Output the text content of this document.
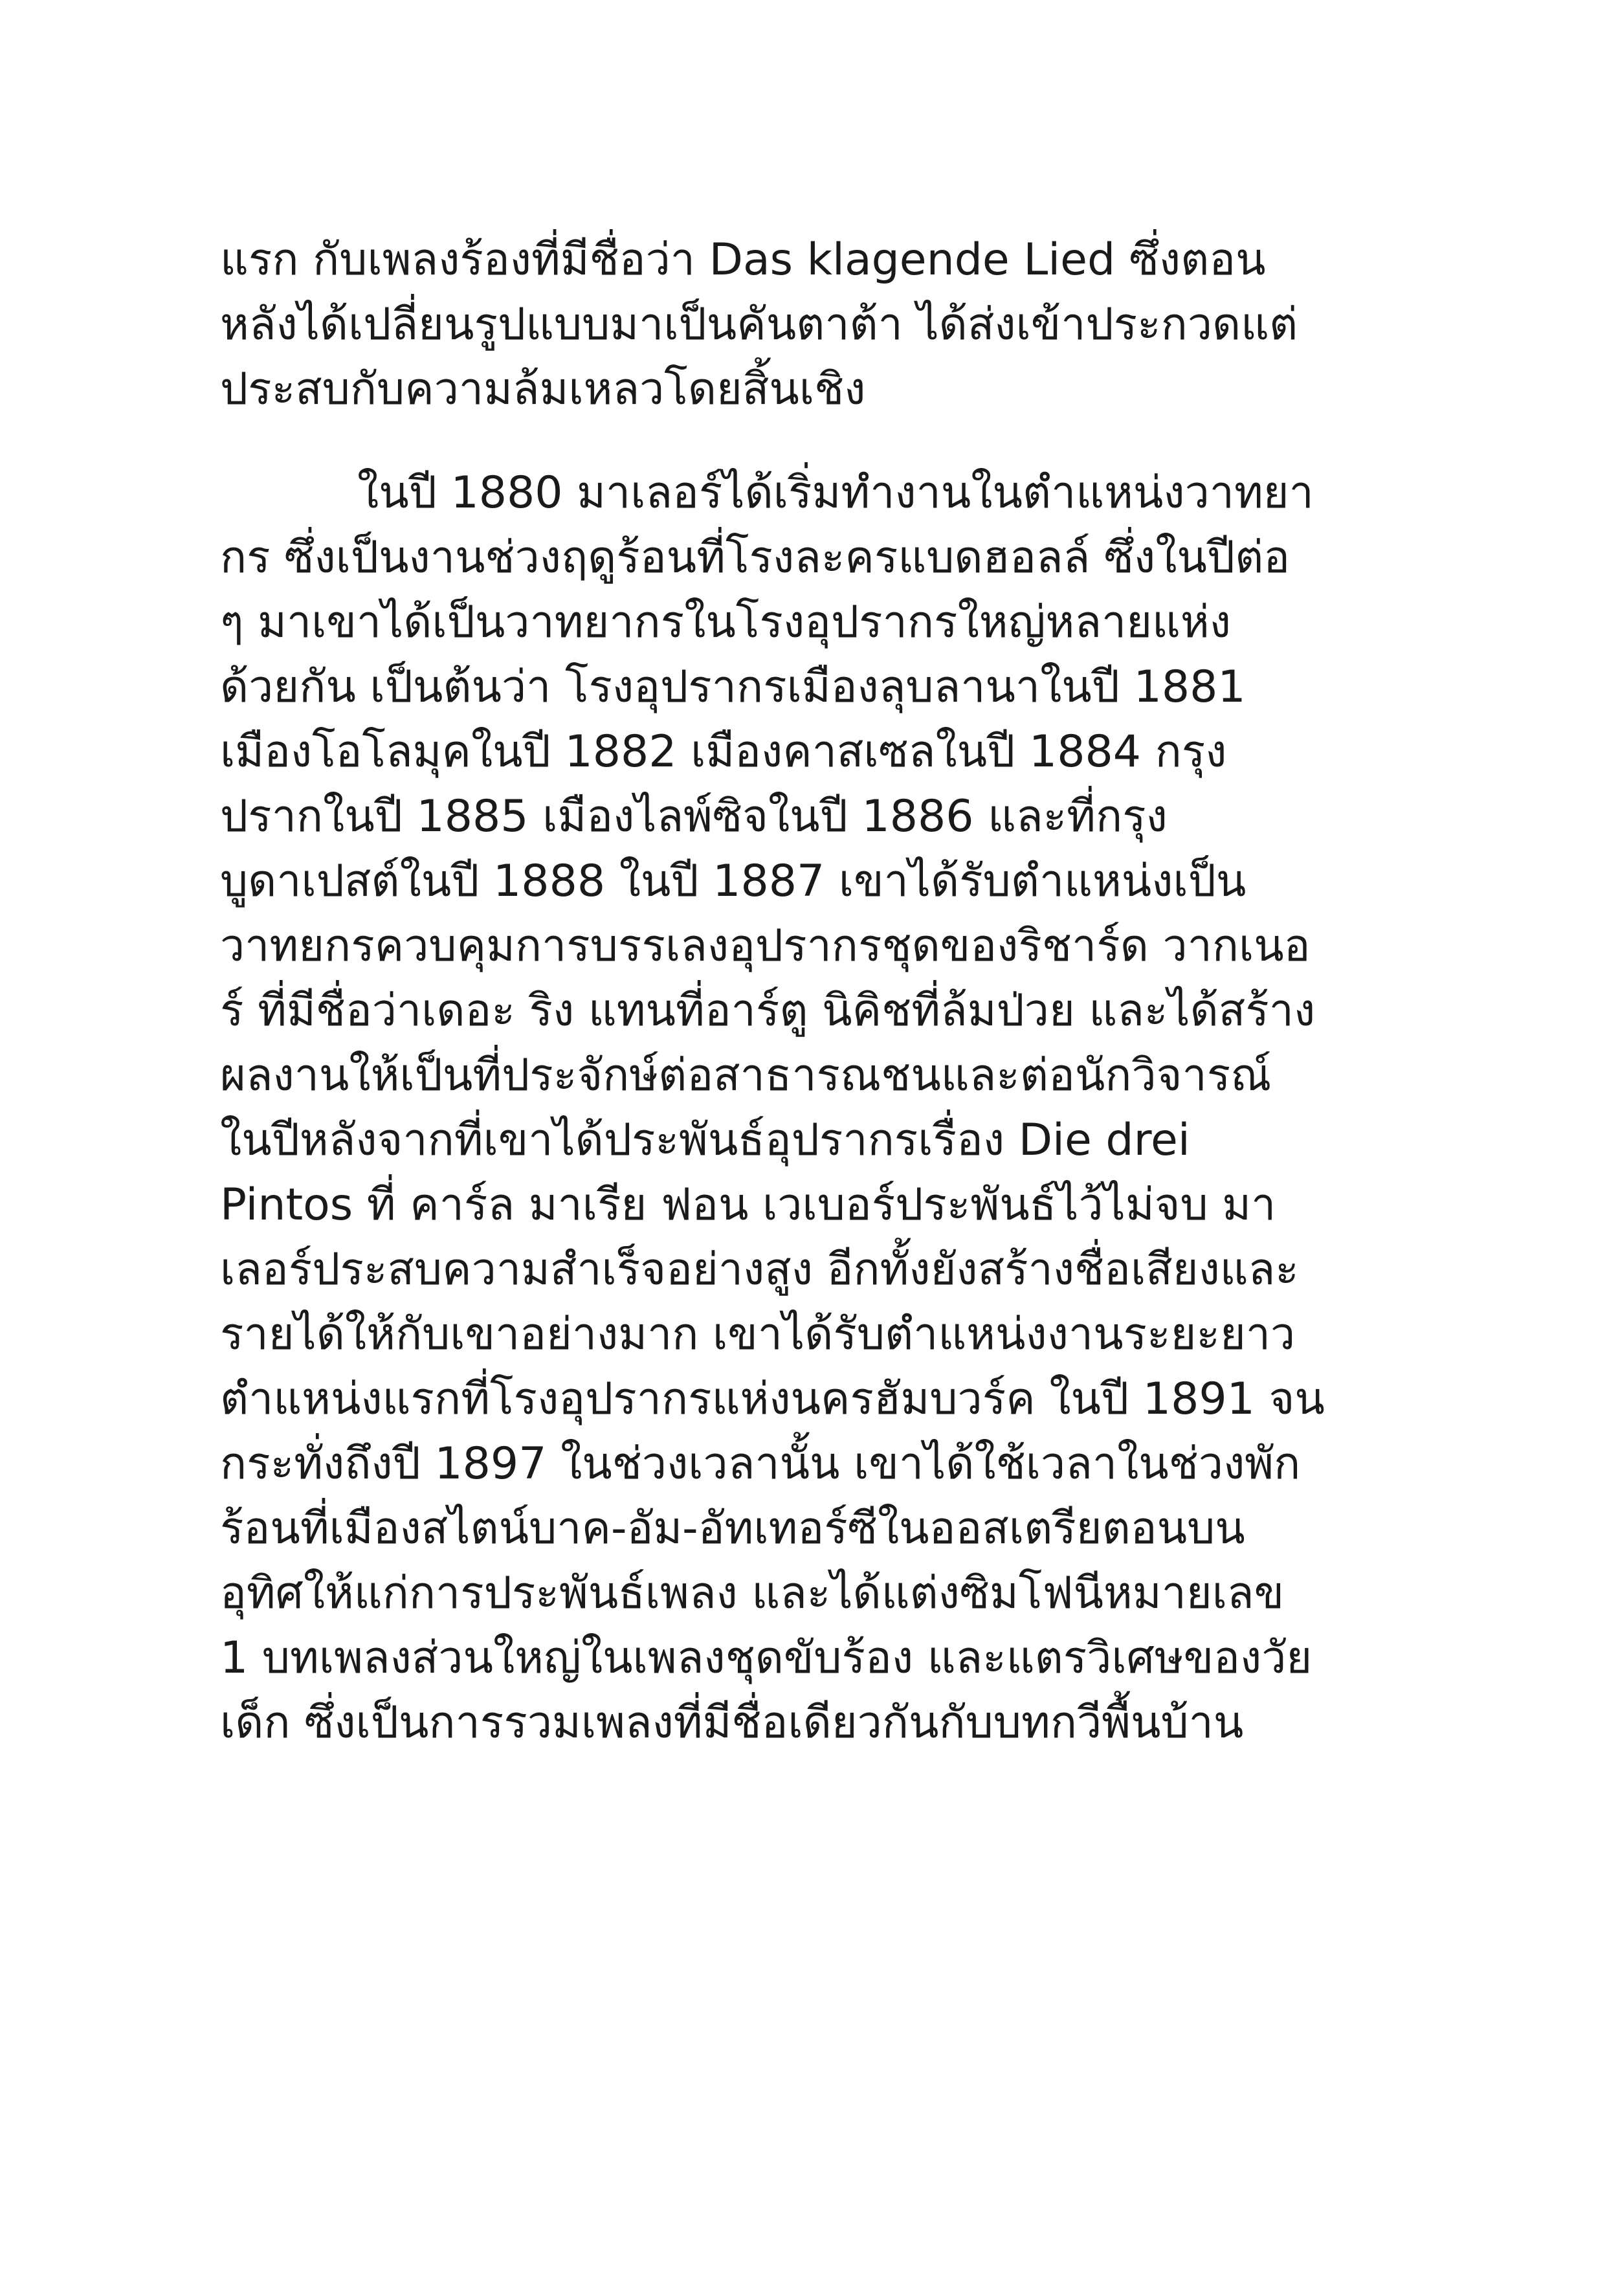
แรก กับเพลงร้องที่มีชื่อว่า Das klagende Lied ซึ่งตอน
หลังได้เปลี่ยนรูปแบบมาเป็นคันตาต้า ได้ส่งเข้าประกวดแต่
ประสบกับความล้มเหลวโดยสิ้นเชิง
ในปี 1880 มาเลอร์ได้เริ่มทำงานในตำแหน่งวาทยา
กร ซึ่งเป็นงานช่วงฤดูร้อนที่โรงละครแบดฮอลล์ ซึ่งในปีต่อ
ๆ มาเขาได้เป็นวาทยากรในโรงอุปรากรใหญ่หลายแห่ง
ด้วยกัน เป็นต้นว่า โรงอุปรากรเมืองลุบลานาในปี 1881
เมืองโอโลมุคในปี 1882 เมืองคาสเซลในปี 1884 กรุง
ปรากในปี 1885 เมืองไลพ์ซิจในปี 1886 และที่กรุง
บูดาเปสต์ในปี 1888 ในปี 1887 เขาได้รับตำแหน่งเป็น
วาทยกรควบคุมการบรรเลงอุปรากรชุดของริชาร์ด วากเนอ
ร์ ที่มีชื่อว่าเดอะ ริง แทนที่อาร์ตู นิคิชที่ล้มป่วย และได้สร้าง
ผลงานให้เป็นที่ประจักษ์ต่อสาธารณชนและต่อนักวิจารณ์
ในปีหลังจากที่เขาได้ประพันธ์อุปรากรเรื่อง Die drei
Pintos ที่ คาร์ล มาเรีย ฟอน เวเบอร์ประพันธ์ไว้ไม่จบ มา
เลอร์ประสบความสำเร็จอย่างสูง อีกทั้งยังสร้างชื่อเสียงและ
รายได้ให้กับเขาอย่างมาก เขาได้รับตำแหน่งงานระยะยาว
ตำแหน่งแรกที่โรงอุปรากรแห่งนครฮัมบวร์ค ในปี 1891 จน
กระทั่งถึงปี 1897 ในช่วงเวลานั้น เขาได้ใช้เวลาในช่วงพัก
ร้อนที่เมืองสไตน์บาค-อัม-อัทเทอร์ซีในออสเตรียตอนบน
อุทิศให้แก่การประพันธ์เพลง และได้แต่งซิมโฟนีหมายเลข
1 บทเพลงส่วนใหญ่ในเพลงชุดขับร้อง และแตรวิเศษของวัย
เด็ก ซึ่งเป็นการรวมเพลงที่มีชื่อเดียวกันกับบทกวีพื้นบ้าน
